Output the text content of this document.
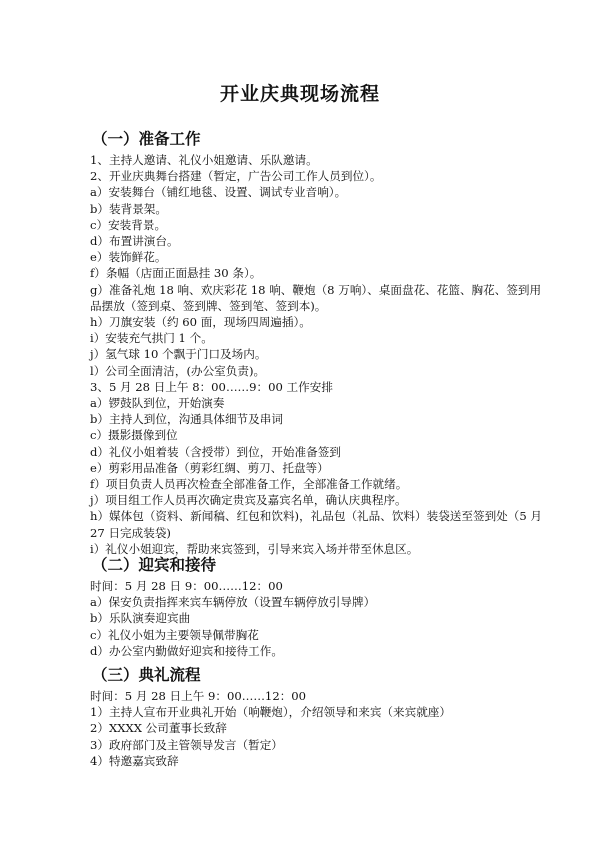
开业庆典现场流程
（一）准备工作
1、主持人邀请、礼仪小姐邀请、乐队邀请。
2、开业庆典舞台搭建（暂定，广告公司工作人员到位）。
a）安装舞台（铺红地毯、设置、调试专业音响）。
b）装背景架。
c）安装背景。
d）布置讲演台。
e）装饰鲜花。
f）条幅（店面正面悬挂 30 条）。
g）准备礼炮 18 响、欢庆彩花 18 响、鞭炮（8 万响）、桌面盘花、花篮、胸花、签到用品摆放（签到桌、签到牌、签到笔、签到本)。
h）刀旗安装（约 60 面，现场四周遍插）。
i）安装充气拱门 1 个。
j）氢气球 10 个飘于门口及场内。
l）公司全面清洁，(办公室负责)。
3、5 月 28 日上午 8：00……9：00 工作安排
a）锣鼓队到位，开始演奏
b）主持人到位，沟通具体细节及串词
c）摄影摄像到位
d）礼仪小姐着装（含授带）到位，开始准备签到
e）剪彩用品准备（剪彩红绸、剪刀、托盘等）
f）项目负责人员再次检查全部准备工作，全部准备工作就绪。
j）项目组工作人员再次确定贵宾及嘉宾名单，确认庆典程序。
h）媒体包（资料、新闻稿、红包和饮料)，礼品包（礼品、饮料）装袋送至签到处（5 月 27 日完成装袋)
i）礼仪小姐迎宾，帮助来宾签到，引导来宾入场并带至休息区。
（二）迎宾和接待
时间：5 月 28 日 9：00……12：00
a）保安负责指挥来宾车辆停放（设置车辆停放引导牌）
b）乐队演奏迎宾曲
c）礼仪小姐为主要领导佩带胸花
d）办公室内勤做好迎宾和接待工作。
（三）典礼流程
时间：5 月 28 日上午 9：00……12：00
1）主持人宣布开业典礼开始（响鞭炮），介绍领导和来宾（来宾就座）
2）XXXX 公司董事长致辞
3）政府部门及主管领导发言（暂定）
4）特邀嘉宾致辞
